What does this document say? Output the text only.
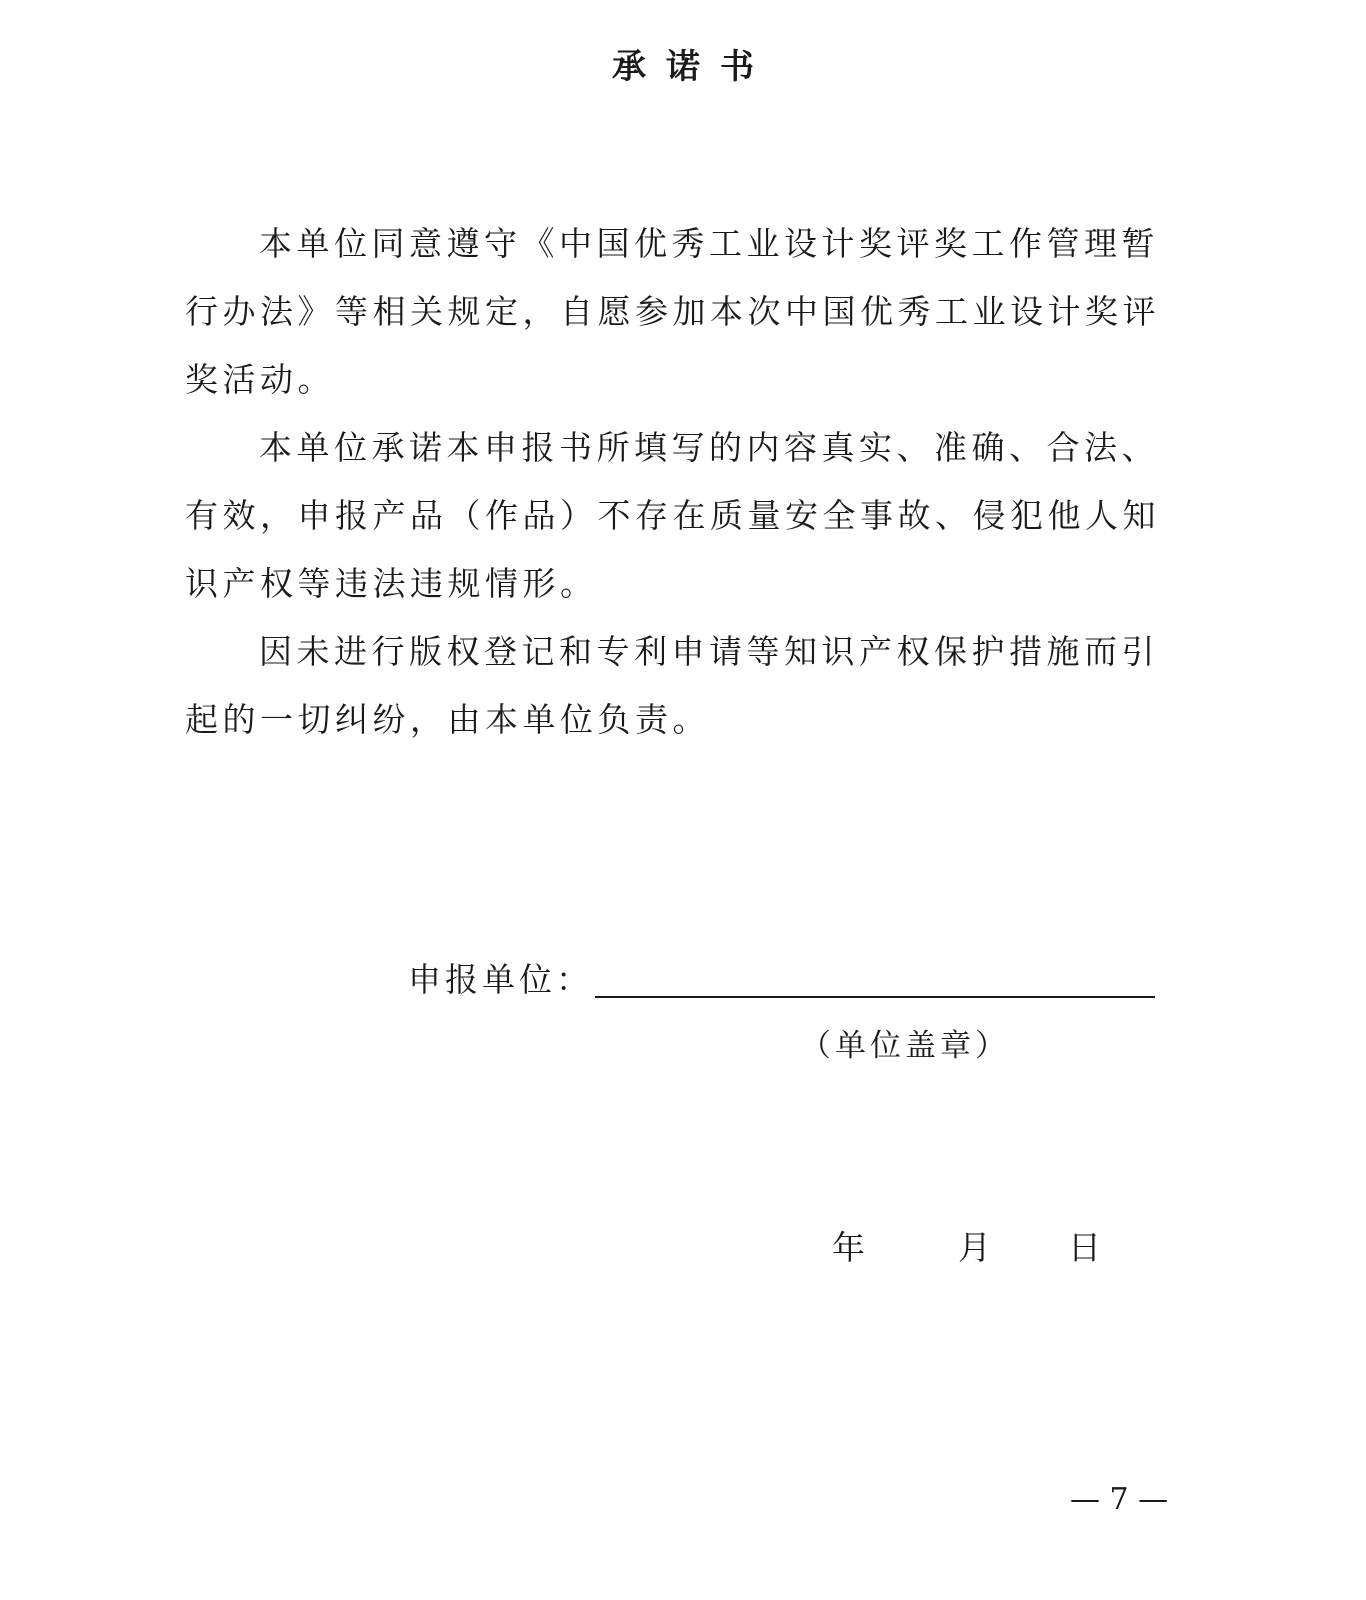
承诺书

本单位同意遵守《中国优秀工业设计奖评奖工作管理暂行办法》等相关规定，自愿参加本次中国优秀工业设计奖评奖活动。

本单位承诺本申报书所填写的内容真实、准确、合法、有效，申报产品（作品）不存在质量安全事故、侵犯他人知识产权等违法违规情形。

因未进行版权登记和专利申请等知识产权保护措施而引起的一切纠纷，由本单位负责。

申报单位：
（单位盖章）
年	月 日
— 7 —
